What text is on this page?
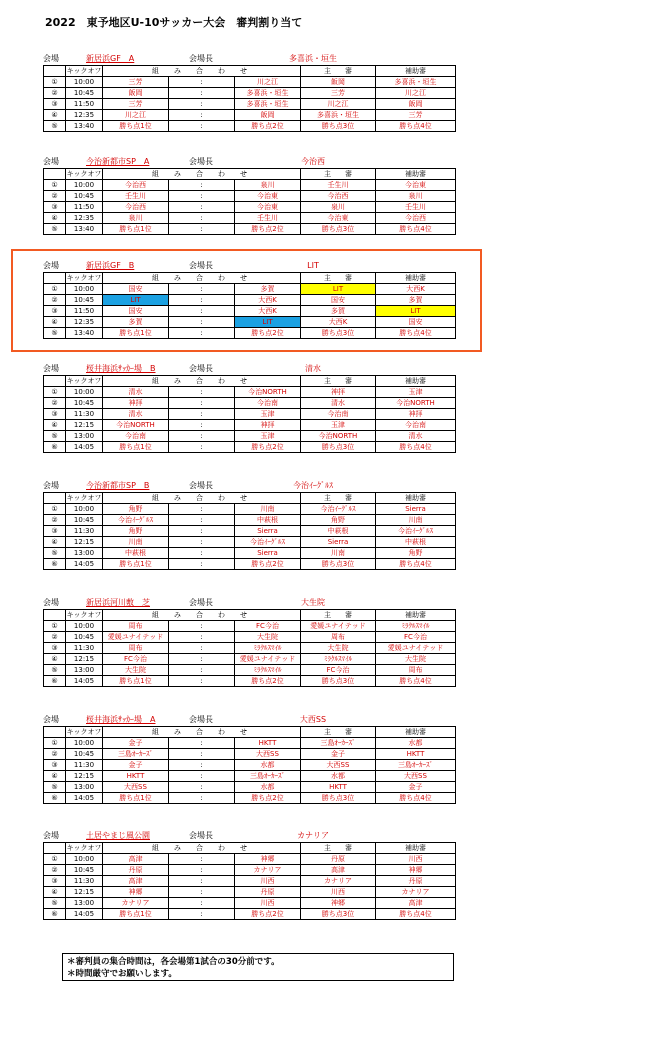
2022　東予地区U-10サッカー大会　審判割り当て
会場	新居浜GF　A	会場長	多喜浜・垣生
	キックオフ	組　み　合　わ　せ			主　　審	補助審
①	10:00	三芳	:	川之江	飯岡	多喜浜・垣生
②	10:45	飯岡	:	多喜浜・垣生	三芳	川之江
③	11:50	三芳	:	多喜浜・垣生	川之江	飯岡
④	12:35	川之江	:	飯岡	多喜浜・垣生	三芳
⑤	13:40	勝ち点1位	:	勝ち点2位	勝ち点3位	勝ち点4位
会場	今治新都市SP　A	会場長	今治西
	キックオフ	組　み　合　わ　せ			主　　審	補助審
①	10:00	今治西	:	泉川	壬生川	今治東
②	10:45	壬生川	:	今治東	今治西	泉川
③	11:50	今治西	:	今治東	泉川	壬生川
④	12:35	泉川	:	壬生川	今治東	今治西
⑤	13:40	勝ち点1位	:	勝ち点2位	勝ち点3位	勝ち点4位
会場	新居浜GF　B	会場長	LIT
	キックオフ	組　み　合　わ　せ			主　　審	補助審
①	10:00	国安	:	多賀	LIT	大西K
②	10:45	LIT	:	大西K	国安	多賀
③	11:50	国安	:	大西K	多賀	LIT
④	12:35	多賀	:	LIT	大西K	国安
⑤	13:40	勝ち点1位	:	勝ち点2位	勝ち点3位	勝ち点4位
会場	桜井海浜ｻｯｶｰ場　B	会場長	清水
	キックオフ	組　み　合　わ　せ			主　　審	補助審
①	10:00	清水	:	今治NORTH	神拝	玉津
②	10:45	神拝	:	今治南	清水	今治NORTH
③	11:30	清水	:	玉津	今治南	神拝
④	12:15	今治NORTH	:	神拝	玉津	今治南
⑤	13:00	今治南	:	玉津	今治NORTH	清水
⑥	14:05	勝ち点1位	:	勝ち点2位	勝ち点3位	勝ち点4位
会場	今治新都市SP　B	会場長	今治ｲｰｸﾞﾙｽ
	キックオフ	組　み　合　わ　せ			主　　審	補助審
①	10:00	角野	:	川南	今治ｲｰｸﾞﾙｽ	Sierra
②	10:45	今治ｲｰｸﾞﾙｽ	:	中萩根	角野	川南
③	11:30	角野	:	Sierra	中萩根	今治ｲｰｸﾞﾙｽ
④	12:15	川南	:	今治ｲｰｸﾞﾙｽ	Sierra	中萩根
⑤	13:00	中萩根	:	Sierra	川南	角野
⑥	14:05	勝ち点1位	:	勝ち点2位	勝ち点3位	勝ち点4位
会場	新居浜河川敷　芝	会場長	大生院
	キックオフ	組　み　合　わ　せ			主　　審	補助審
①	10:00	周布	:	FC今治	愛媛ユナイテッド	ﾐﾗｸﾙｽﾏｲﾙ
②	10:45	愛媛ユナイテッド	:	大生院	周布	FC今治
③	11:30	周布	:	ﾐﾗｸﾙｽﾏｲﾙ	大生院	愛媛ユナイテッド
④	12:15	FC今治	:	愛媛ユナイテッド	ﾐﾗｸﾙｽﾏｲﾙ	大生院
⑤	13:00	大生院	:	ﾐﾗｸﾙｽﾏｲﾙ	FC今治	周布
⑥	14:05	勝ち点1位	:	勝ち点2位	勝ち点3位	勝ち点4位
会場	桜井海浜ｻｯｶｰ場　A	会場長	大西SS
	キックオフ	組　み　合　わ　せ			主　　審	補助審
①	10:00	金子	:	HKTT	三島ｵｰｶｰｽﾞ	水都
②	10:45	三島ｵｰｶｰｽﾞ	:	大西SS	金子	HKTT
③	11:30	金子	:	水都	大西SS	三島ｵｰｶｰｽﾞ
④	12:15	HKTT	:	三島ｵｰｶｰｽﾞ	水都	大西SS
⑤	13:00	大西SS	:	水都	HKTT	金子
⑥	14:05	勝ち点1位	:	勝ち点2位	勝ち点3位	勝ち点4位
会場	土居やまじ風公園	会場長	カナリア
	キックオフ	組　み　合　わ　せ			主　　審	補助審
①	10:00	高津	:	神郷	丹原	川西
②	10:45	丹原	:	カナリア	高津	神郷
③	11:30	高津	:	川西	カナリア	丹原
④	12:15	神郷	:	丹原	川西	カナリア
⑤	13:00	カナリア	:	川西	神郷	高津
⑥	14:05	勝ち点1位	:	勝ち点2位	勝ち点3位	勝ち点4位
＊審判員の集合時間は，各会場第1試合の30分前です。
＊時間厳守でお願いします。
